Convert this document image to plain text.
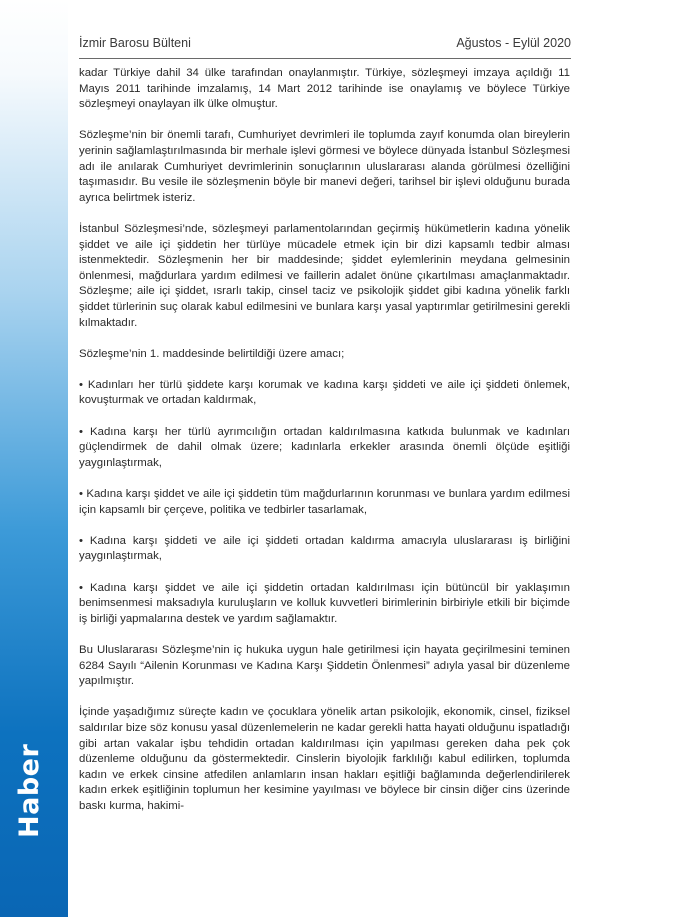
Haber
İzmir Barosu Bülteni	Ağustos - Eylül 2020

kadar Türkiye dahil 34 ülke tarafından onaylanmıştır. Türkiye, sözleşmeyi imzaya açıldığı 11 Mayıs 2011 tarihinde imzalamış, 14 Mart 2012 tarihinde ise onaylamış ve böylece Türkiye sözleşmeyi onaylayan ilk ülke olmuştur.

Sözleşme’nin bir önemli tarafı, Cumhuriyet devrimleri ile toplumda zayıf konumda olan bireylerin yerinin sağlamlaştırılmasında bir merhale işlevi görmesi ve böylece dünyada İstanbul Sözleşmesi adı ile anılarak Cumhuriyet devrimlerinin sonuçlarının uluslararası alanda görülmesi özelliğini taşımasıdır. Bu vesile ile sözleşmenin böyle bir manevi değeri, tarihsel bir işlevi olduğunu burada ayrıca belirtmek isteriz.

İstanbul Sözleşmesi’nde, sözleşmeyi parlamentolarından geçirmiş hükümetlerin kadına yönelik şiddet ve aile içi şiddetin her türlüye mücadele etmek için bir dizi kapsamlı tedbir alması istenmektedir. Sözleşmenin her bir maddesinde; şiddet eylemlerinin meydana gelmesinin önlenmesi, mağdurlara yardım edilmesi ve faillerin adalet önüne çıkartılması amaçlanmaktadır. Sözleşme; aile içi şiddet, ısrarlı takip, cinsel taciz ve psikolojik şiddet gibi kadına yönelik farklı şiddet türlerinin suç olarak kabul edilmesini ve bunlara karşı yasal yaptırımlar getirilmesini gerekli kılmaktadır.

Sözleşme’nin 1. maddesinde belirtildiği üzere amacı;

• Kadınları her türlü şiddete karşı korumak ve kadına karşı şiddeti ve aile içi şiddeti önlemek, kovuşturmak ve ortadan kaldırmak,

• Kadına karşı her türlü ayrımcılığın ortadan kaldırılmasına katkıda bulunmak ve kadınları güçlendirmek de dahil olmak üzere; kadınlarla erkekler arasında önemli ölçüde eşitliği yaygınlaştırmak,

• Kadına karşı şiddet ve aile içi şiddetin tüm mağdurlarının korunması ve bunlara yardım edilmesi için kapsamlı bir çerçeve, politika ve tedbirler tasarlamak,

• Kadına karşı şiddeti ve aile içi şiddeti ortadan kaldırma amacıyla uluslararası iş birliğini yaygınlaştırmak,

• Kadına karşı şiddet ve aile içi şiddetin ortadan kaldırılması için bütüncül bir yaklaşımın benimsenmesi maksadıyla kuruluşların ve kolluk kuvvetleri birimlerinin birbiriyle etkili bir biçimde iş birliği yapmalarına destek ve yardım sağlamaktır.

Bu Uluslararası Sözleşme’nin iç hukuka uygun hale getirilmesi için hayata geçirilmesini teminen 6284 Sayılı “Ailenin Korunması ve Kadına Karşı Şiddetin Önlenmesi” adıyla yasal bir düzenleme yapılmıştır.

İçinde yaşadığımız süreçte kadın ve çocuklara yönelik artan psikolojik, ekonomik, cinsel, fiziksel saldırılar bize söz konusu yasal düzenlemelerin ne kadar gerekli hatta hayati olduğunu ispatladığı gibi artan vakalar işbu tehdidin ortadan kaldırılması için yapılması gereken daha pek çok düzenleme olduğunu da göstermektedir. Cinslerin biyolojik farklılığı kabul edilirken, toplumda kadın ve erkek cinsine atfedilen anlamların insan hakları eşitliği bağlamında değerlendirilerek kadın erkek eşitliğinin toplumun her kesimine yayılması ve böylece bir cinsin diğer cins üzerinde baskı kurma, hakimi-
